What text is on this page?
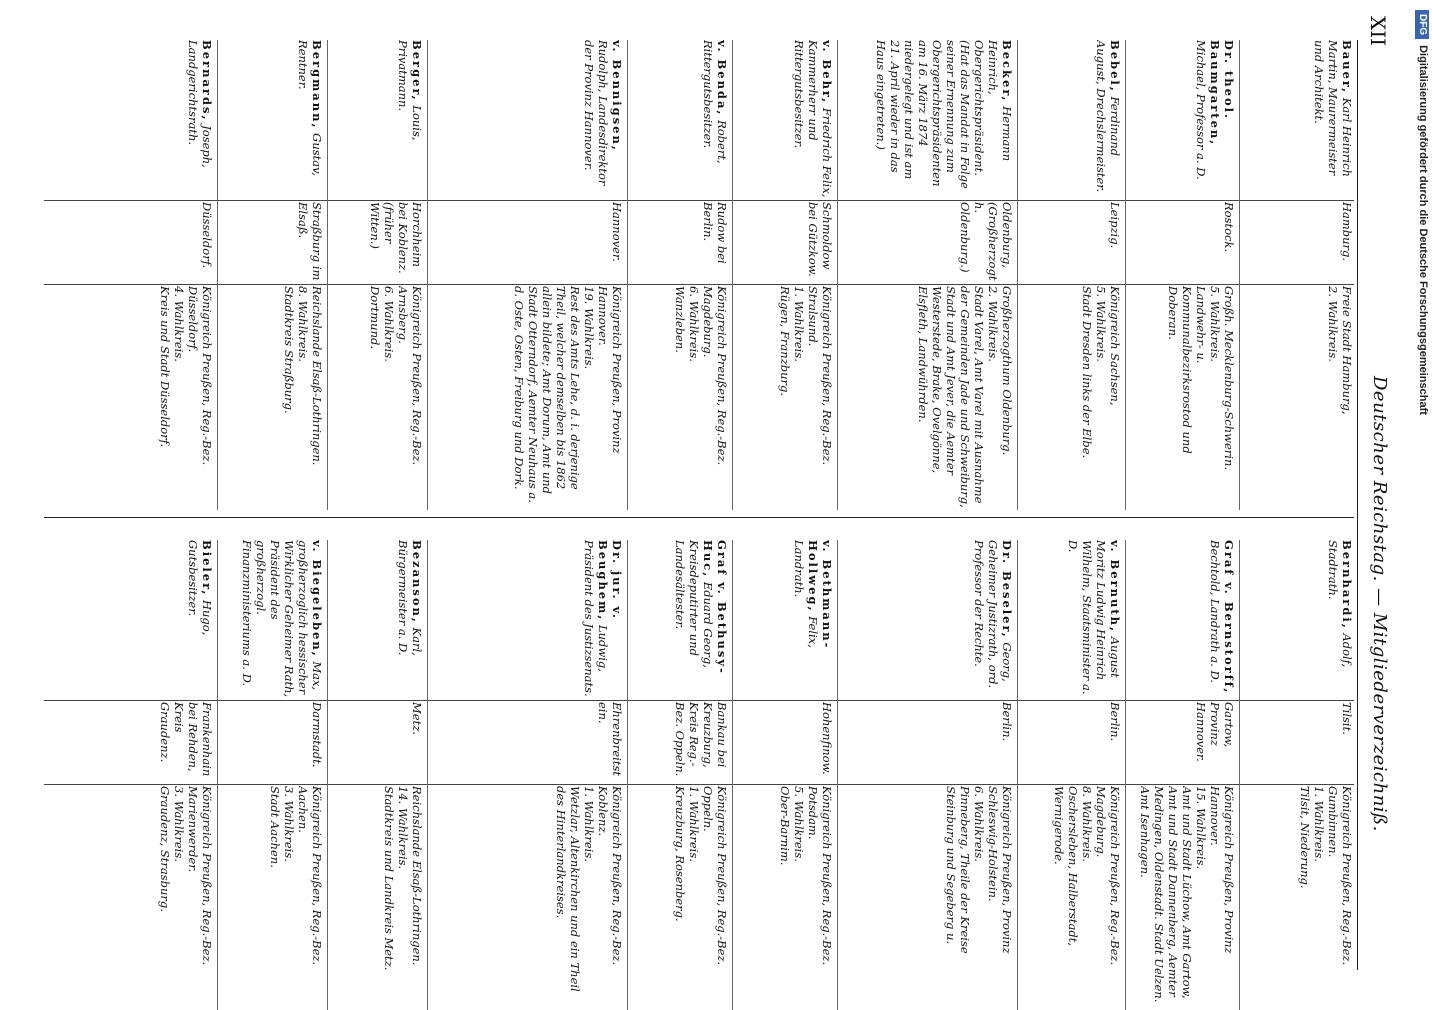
XII
Deutscher Reichstag. — Mitgliederverzeichniß.
Bauer, Karl Heinrich Martin, Maurermeister und Architekt.
Hamburg.

Freie Stadt Hamburg,

2. Wahlkreis.

Dr. theol. Baumgarten, Michael, Professor a. D.
Rostock.

Großh. Mecklenburg-Schwerin.

5. Wahlkreis.

Landwehr- u. Kommunalbezirksrostod und Doberan.

Bebel, Ferdinand August, Drechslermeister.
Leipzig.

Königreich Sachsen,

5. Wahlkreis.

Stadt Dresden links der Elbe.

Becker, Hermann Heinrich, Obergerichtspräsident. (Hat das Mandat in Folge seiner Ernennung zum Obergerichtspräsidenten am 16. März 1874 niedergelegt und ist am 21. April wieder in das Haus eingetreten.)
Oldenburg, (Großherzogth. Oldenburg.)

Großherzogthum Oldenburg.

2. Wahlkreis.

Stadt Varel, Amt Varel mit Ausnahme der Gemeinden Jade und Schweiburg, Stadt und Amt Jever, die Aemter Westerstede, Brake, Ovelgönne, Elsfleth, Landwührden.

v. Behr, Friedrich Felix, Kammerherr und Rittergutsbesitzer.
Schmoldow bei Gützkow.

Königreich Preußen, Reg.-Bez. Stralsund.

1. Wahlkreis.

Rügen, Franzburg.

v. Benda, Robert, Rittergutsbesitzer.
Rudow bei Berlin.

Königreich Preußen, Reg.-Bez. Magdeburg.

6. Wahlkreis.

Wanzleben.

v. Bennigsen, Rudolph, Landesdirektor der Provinz Hannover.
Hannover.

Königreich Preußen, Provinz Hannover.

19. Wahlkreis.

Rest des Amts Lehe, d. i. derjenige Theil, welcher demselben bis 1862 allein bildete; Amt Dorum, Amt und Stadt Otterndorf, Aemter Neuhaus a. d. Oste, Osten, Freiburg und Dork.

Berger, Louis, Privatmann.
Horchheim bei Koblenz. (früher Witten.)

Königreich Preußen, Reg.-Bez. Arnsberg.

6. Wahlkreis.

Dortmund.

Bergmann, Gustav, Rentner.
Straßburg im Elsaß.

Reichslande Elsaß-Lothringen.

8. Wahlkreis.

Stadtkreis Straßburg.

Bernards, Joseph, Landgerichtsrath.
Düsseldorf.

Königreich Preußen, Reg.-Bez. Düsseldorf.

4. Wahlkreis.

Kreis und Stadt Düsseldorf.

Bernhardi, Adolf, Stadtrath.
Tilsit.

Königreich Preußen, Reg.-Bez. Gumbinnen.

1. Wahlkreis.

Tilsit, Niederung.

Graf v. Bernstorff, Bechtold, Landrath a. D.
Gartow, Provinz Hannover.

Königreich Preußen, Provinz Hannover.

15. Wahlkreis.

Amt und Stadt Lüchow, Amt Gartow, Amt und Stadt Dannenberg, Aemter Medingen, Oldenstadt. Stadt Uelzen. Amt Isenhagen.

v. Bernuth, August Moritz Ludwig Heinrich Wilhelm, Staatsminister a. D.
Berlin.

Königreich Preußen, Reg.-Bez. Magdeburg.

8. Wahlkreis.

Oschersleben, Halberstadt, Wernigerode.

Dr. Beseler, Georg, Geheimer Justizrath, ord. Professor der Rechte.
Berlin.

Königreich Preußen, Provinz Schleswig-Holstein.

6. Wahlkreis.

Pinneberg, Theile der Kreise Steinburg und Segeberg u.

v. Bethmann-Hollweg, Felix, Landrath.
Hohenfinow.

Königreich Preußen, Reg.-Bez. Potsdam.

5. Wahlkreis.

Ober-Barnim.

Graf v. Bethusy-Huc, Eduard Georg, Kreisdeputirter und Landesältester.
Bankau bei Kreuzburg, Kreis Reg.-Bez. Oppeln.

Königreich Preußen, Reg.-Bez. Oppeln.

1. Wahlkreis.

Kreuzburg, Rosenberg.

Dr. jur. v. Beughem, Ludwig, Präsident des Justizsenats.
Ehrenbreitstein.

Königreich Preußen, Reg.-Bez. Koblenz.

1. Wahlkreis.

Wetzlar, Altenkirchen und ein Theil des Hinterlandkreises.

Bezanson, Karl, Bürgermeister a. D.
Metz.

Reichslande Elsaß-Lothringen.

14. Wahlkreis.

Stadtkreis und Landkreis Metz.

v. Biegeleben, Max, großherzoglich hessischer Wirklicher Geheimer Rath, Präsident des großherzogl. Finanzministeriums a. D.
Darmstadt.

Königreich Preußen, Reg.-Bez. Aachen.

3. Wahlkreis.

Stadt Aachen.

Bieler, Hugo, Gutsbesitzer.
Frankenhain bei Rehden, Kreis Graudenz.

Königreich Preußen, Reg.-Bez. Marienwerder.

3. Wahlkreis.

Graudenz, Strasburg.

DFGDigitalisierung gefördert durch die Deutsche Forschungsgemeinschaft
